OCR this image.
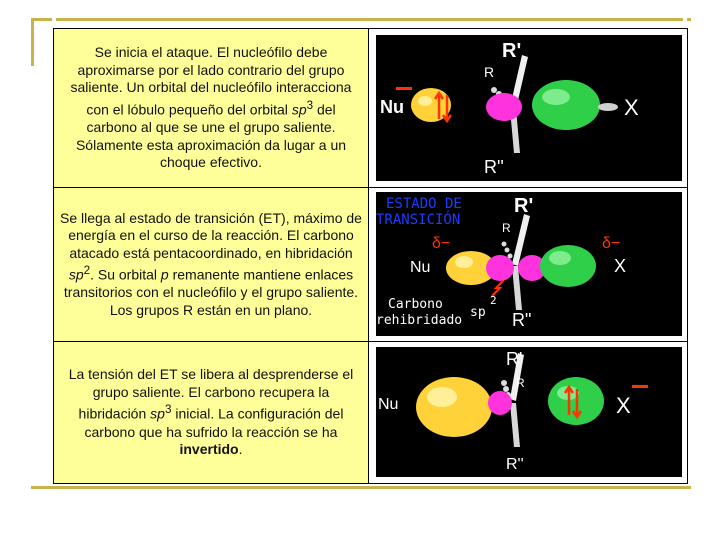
Se inicia el ataque. El nucleófilo debe aproximarse por el lado contrario del grupo saliente. Un orbital del nucleófilo interacciona con el lóbulo pequeño del orbital $sp^3$ del carbono al que se une el grupo saliente. Sólamente esta aproximación da lugar a un choque efectivo.
R'
R
R''
Nu	X
Se llega al estado de transición (ET), máximo de energía en el curso de la reacción. El carbono atacado está pentacoordinado, en hibridación $sp^2$. Su orbital p remanente mantiene enlaces transitorios con el nucleófilo y el grupo saliente. Los grupos R están en un plano.
ESTADO DE
TRANSICIÓN
R'
R
δ−
Nu
δ−
X
Carbono
rehibridado
sp
2
R"
La tensión del ET se libera al desprenderse el grupo saliente. El carbono recupera la hibridación $sp^3$ inicial. La configuración del carbono que ha sufrido la reacción se ha invertido.
R'
R
Nu	X
R''
